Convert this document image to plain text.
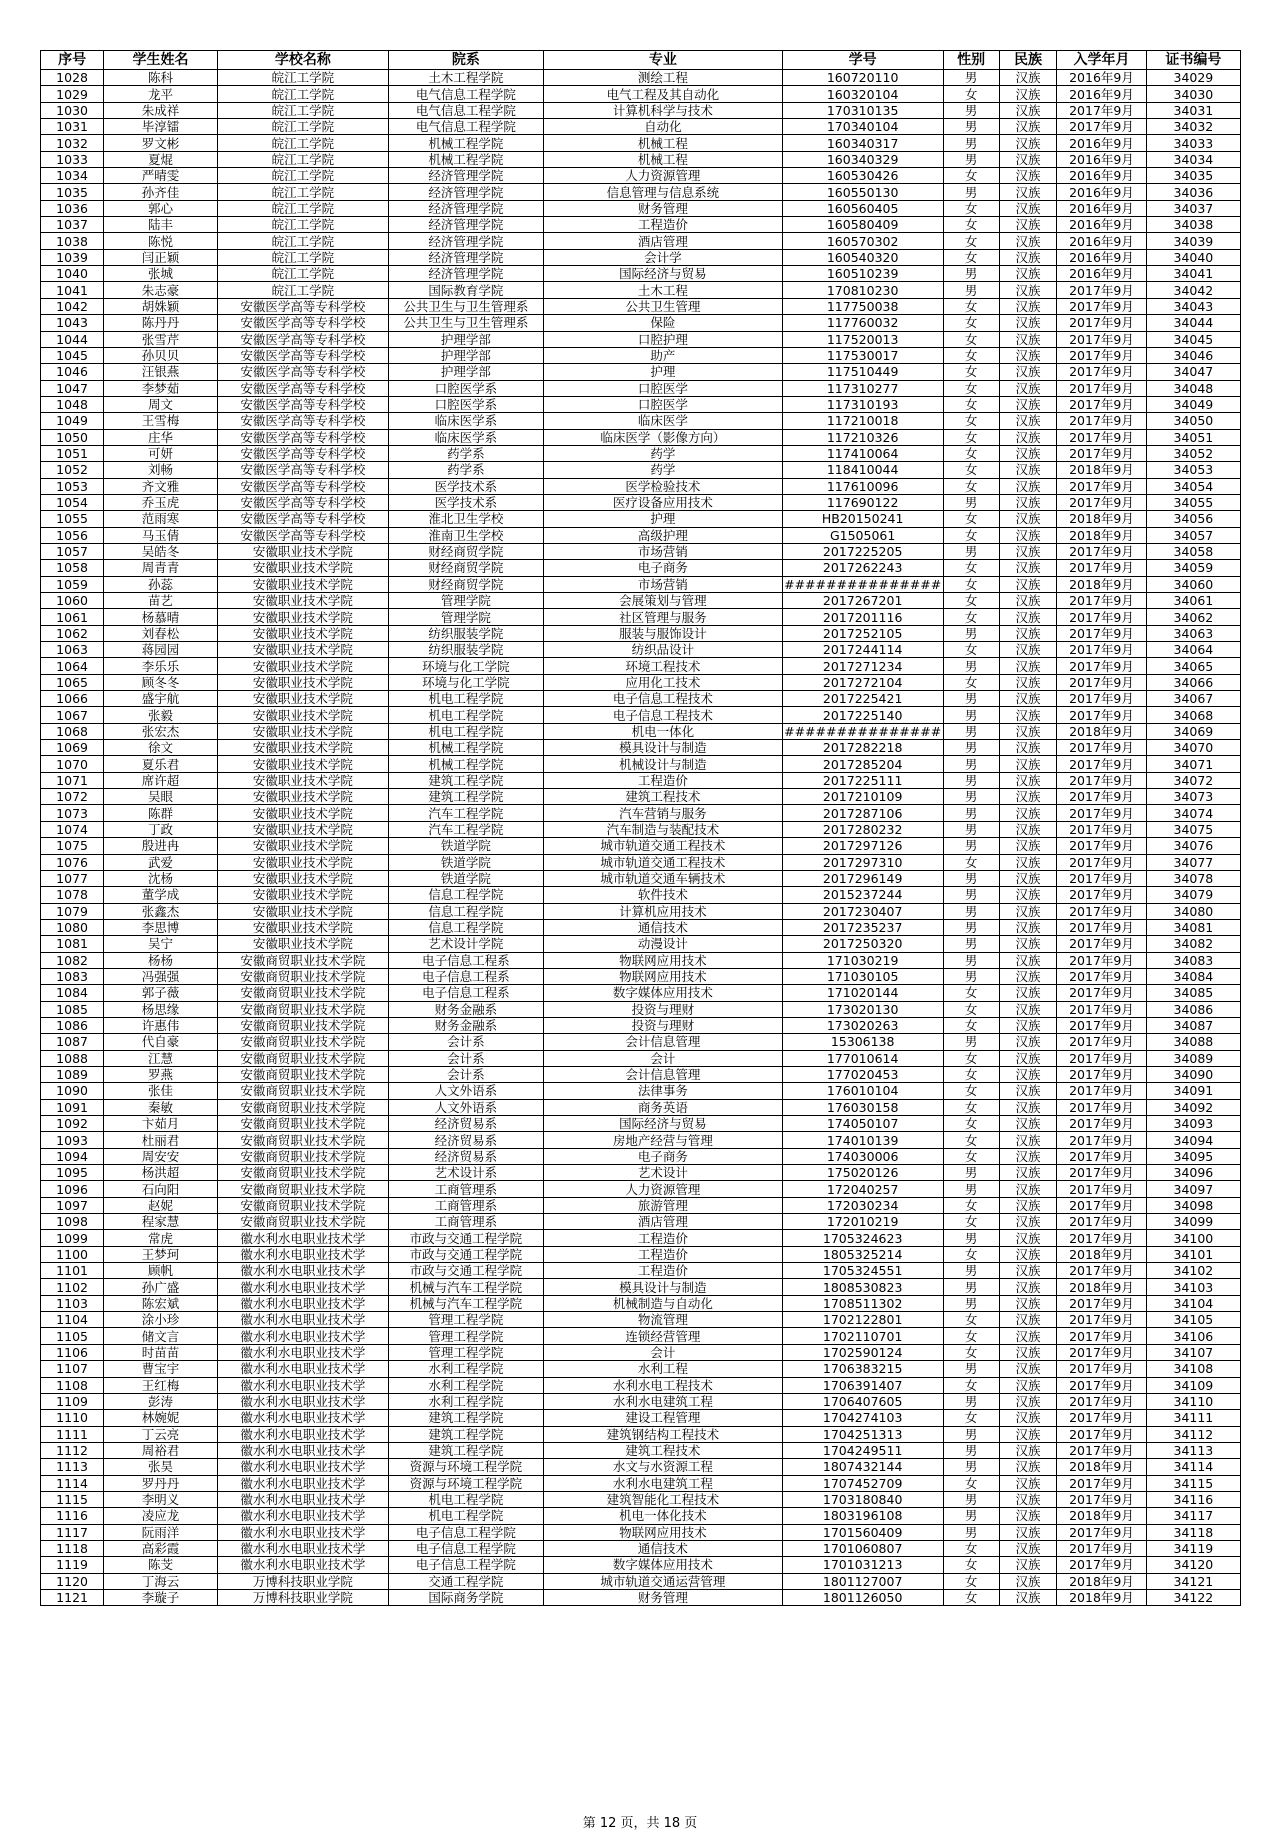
序号	学生姓名	学校名称	院系	专业	学号	性别	民族	入学年月	证书编号
1028	陈科	皖江工学院	土木工程学院	测绘工程	160720110	男	汉族	2016年9月	34029
1029	龙平	皖江工学院	电气信息工程学院	电气工程及其自动化	160320104	女	汉族	2016年9月	34030
1030	朱成祥	皖江工学院	电气信息工程学院	计算机科学与技术	170310135	男	汉族	2017年9月	34031
1031	毕淳镭	皖江工学院	电气信息工程学院	自动化	170340104	男	汉族	2017年9月	34032
1032	罗文彬	皖江工学院	机械工程学院	机械工程	160340317	男	汉族	2016年9月	34033
1033	夏焜	皖江工学院	机械工程学院	机械工程	160340329	男	汉族	2016年9月	34034
1034	严晴雯	皖江工学院	经济管理学院	人力资源管理	160530426	女	汉族	2016年9月	34035
1035	孙齐佳	皖江工学院	经济管理学院	信息管理与信息系统	160550130	男	汉族	2016年9月	34036
1036	郭心	皖江工学院	经济管理学院	财务管理	160560405	女	汉族	2016年9月	34037
1037	陆丰	皖江工学院	经济管理学院	工程造价	160580409	女	汉族	2016年9月	34038
1038	陈悦	皖江工学院	经济管理学院	酒店管理	160570302	女	汉族	2016年9月	34039
1039	闫正颖	皖江工学院	经济管理学院	会计学	160540320	女	汉族	2016年9月	34040
1040	张城	皖江工学院	经济管理学院	国际经济与贸易	160510239	男	汉族	2016年9月	34041
1041	朱志豪	皖江工学院	国际教育学院	土木工程	170810230	男	汉族	2017年9月	34042
1042	胡姝颖	安徽医学高等专科学校	公共卫生与卫生管理系	公共卫生管理	117750038	女	汉族	2017年9月	34043
1043	陈丹丹	安徽医学高等专科学校	公共卫生与卫生管理系	保险	117760032	女	汉族	2017年9月	34044
1044	张雪芹	安徽医学高等专科学校	护理学部	口腔护理	117520013	女	汉族	2017年9月	34045
1045	孙贝贝	安徽医学高等专科学校	护理学部	助产	117530017	女	汉族	2017年9月	34046
1046	汪银燕	安徽医学高等专科学校	护理学部	护理	117510449	女	汉族	2017年9月	34047
1047	李梦茹	安徽医学高等专科学校	口腔医学系	口腔医学	117310277	女	汉族	2017年9月	34048
1048	周文	安徽医学高等专科学校	口腔医学系	口腔医学	117310193	女	汉族	2017年9月	34049
1049	王雪梅	安徽医学高等专科学校	临床医学系	临床医学	117210018	女	汉族	2017年9月	34050
1050	庄华	安徽医学高等专科学校	临床医学系	临床医学（影像方向）	117210326	女	汉族	2017年9月	34051
1051	可妍	安徽医学高等专科学校	药学系	药学	117410064	女	汉族	2017年9月	34052
1052	刘畅	安徽医学高等专科学校	药学系	药学	118410044	女	汉族	2018年9月	34053
1053	齐文雅	安徽医学高等专科学校	医学技术系	医学检验技术	117610096	女	汉族	2017年9月	34054
1054	乔玉虎	安徽医学高等专科学校	医学技术系	医疗设备应用技术	117690122	男	汉族	2017年9月	34055
1055	范雨寒	安徽医学高等专科学校	淮北卫生学校	护理	HB20150241	女	汉族	2018年9月	34056
1056	马玉倩	安徽医学高等专科学校	淮南卫生学校	高级护理	G1505061	女	汉族	2018年9月	34057
1057	吴皓冬	安徽职业技术学院	财经商贸学院	市场营销	2017225205	男	汉族	2017年9月	34058
1058	周青青	安徽职业技术学院	财经商贸学院	电子商务	2017262243	女	汉族	2017年9月	34059
1059	孙蕊	安徽职业技术学院	财经商贸学院	市场营销	###############	女	汉族	2018年9月	34060
1060	苗艺	安徽职业技术学院	管理学院	会展策划与管理	2017267201	女	汉族	2017年9月	34061
1061	杨慕晴	安徽职业技术学院	管理学院	社区管理与服务	2017201116	女	汉族	2017年9月	34062
1062	刘春松	安徽职业技术学院	纺织服装学院	服装与服饰设计	2017252105	男	汉族	2017年9月	34063
1063	蒋园园	安徽职业技术学院	纺织服装学院	纺织品设计	2017244114	女	汉族	2017年9月	34064
1064	李乐乐	安徽职业技术学院	环境与化工学院	环境工程技术	2017271234	男	汉族	2017年9月	34065
1065	顾冬冬	安徽职业技术学院	环境与化工学院	应用化工技术	2017272104	女	汉族	2017年9月	34066
1066	盛宇航	安徽职业技术学院	机电工程学院	电子信息工程技术	2017225421	男	汉族	2017年9月	34067
1067	张毅	安徽职业技术学院	机电工程学院	电子信息工程技术	2017225140	男	汉族	2017年9月	34068
1068	张宏杰	安徽职业技术学院	机电工程学院	机电一体化	###############	男	汉族	2018年9月	34069
1069	徐文	安徽职业技术学院	机械工程学院	模具设计与制造	2017282218	男	汉族	2017年9月	34070
1070	夏乐君	安徽职业技术学院	机械工程学院	机械设计与制造	2017285204	男	汉族	2017年9月	34071
1071	席许超	安徽职业技术学院	建筑工程学院	工程造价	2017225111	男	汉族	2017年9月	34072
1072	吴眼	安徽职业技术学院	建筑工程学院	建筑工程技术	2017210109	男	汉族	2017年9月	34073
1073	陈群	安徽职业技术学院	汽车工程学院	汽车营销与服务	2017287106	男	汉族	2017年9月	34074
1074	丁政	安徽职业技术学院	汽车工程学院	汽车制造与装配技术	2017280232	男	汉族	2017年9月	34075
1075	殷进冉	安徽职业技术学院	铁道学院	城市轨道交通工程技术	2017297126	男	汉族	2017年9月	34076
1076	武爱	安徽职业技术学院	铁道学院	城市轨道交通工程技术	2017297310	女	汉族	2017年9月	34077
1077	沈杨	安徽职业技术学院	铁道学院	城市轨道交通车辆技术	2017296149	男	汉族	2017年9月	34078
1078	董学成	安徽职业技术学院	信息工程学院	软件技术	2015237244	男	汉族	2017年9月	34079
1079	张鑫杰	安徽职业技术学院	信息工程学院	计算机应用技术	2017230407	男	汉族	2017年9月	34080
1080	李思博	安徽职业技术学院	信息工程学院	通信技术	2017235237	男	汉族	2017年9月	34081
1081	吴宁	安徽职业技术学院	艺术设计学院	动漫设计	2017250320	男	汉族	2017年9月	34082
1082	杨杨	安徽商贸职业技术学院	电子信息工程系	物联网应用技术	171030219	男	汉族	2017年9月	34083
1083	冯强强	安徽商贸职业技术学院	电子信息工程系	物联网应用技术	171030105	男	汉族	2017年9月	34084
1084	郭子薇	安徽商贸职业技术学院	电子信息工程系	数字媒体应用技术	171020144	女	汉族	2017年9月	34085
1085	杨思缘	安徽商贸职业技术学院	财务金融系	投资与理财	173020130	女	汉族	2017年9月	34086
1086	许惠伟	安徽商贸职业技术学院	财务金融系	投资与理财	173020263	女	汉族	2017年9月	34087
1087	代自豪	安徽商贸职业技术学院	会计系	会计信息管理	15306138	男	汉族	2017年9月	34088
1088	江慧	安徽商贸职业技术学院	会计系	会计	177010614	女	汉族	2017年9月	34089
1089	罗燕	安徽商贸职业技术学院	会计系	会计信息管理	177020453	女	汉族	2017年9月	34090
1090	张佳	安徽商贸职业技术学院	人文外语系	法律事务	176010104	女	汉族	2017年9月	34091
1091	秦敏	安徽商贸职业技术学院	人文外语系	商务英语	176030158	女	汉族	2017年9月	34092
1092	卞茹月	安徽商贸职业技术学院	经济贸易系	国际经济与贸易	174050107	女	汉族	2017年9月	34093
1093	杜丽君	安徽商贸职业技术学院	经济贸易系	房地产经营与管理	174010139	女	汉族	2017年9月	34094
1094	周安安	安徽商贸职业技术学院	经济贸易系	电子商务	174030006	女	汉族	2017年9月	34095
1095	杨洪超	安徽商贸职业技术学院	艺术设计系	艺术设计	175020126	男	汉族	2017年9月	34096
1096	石向阳	安徽商贸职业技术学院	工商管理系	人力资源管理	172040257	男	汉族	2017年9月	34097
1097	赵妮	安徽商贸职业技术学院	工商管理系	旅游管理	172030234	女	汉族	2017年9月	34098
1098	程家慧	安徽商贸职业技术学院	工商管理系	酒店管理	172010219	女	汉族	2017年9月	34099
1099	常虎	徽水利水电职业技术学	市政与交通工程学院	工程造价	1705324623	男	汉族	2017年9月	34100
1100	王梦珂	徽水利水电职业技术学	市政与交通工程学院	工程造价	1805325214	女	汉族	2018年9月	34101
1101	顾帆	徽水利水电职业技术学	市政与交通工程学院	工程造价	1705324551	男	汉族	2017年9月	34102
1102	孙广盛	徽水利水电职业技术学	机械与汽车工程学院	模具设计与制造	1808530823	男	汉族	2018年9月	34103
1103	陈宏斌	徽水利水电职业技术学	机械与汽车工程学院	机械制造与自动化	1708511302	男	汉族	2017年9月	34104
1104	涂小珍	徽水利水电职业技术学	管理工程学院	物流管理	1702122801	女	汉族	2017年9月	34105
1105	储文言	徽水利水电职业技术学	管理工程学院	连锁经营管理	1702110701	女	汉族	2017年9月	34106
1106	时苗苗	徽水利水电职业技术学	管理工程学院	会计	1702590124	女	汉族	2017年9月	34107
1107	曹宝宇	徽水利水电职业技术学	水利工程学院	水利工程	1706383215	男	汉族	2017年9月	34108
1108	王红梅	徽水利水电职业技术学	水利工程学院	水利水电工程技术	1706391407	女	汉族	2017年9月	34109
1109	彭涛	徽水利水电职业技术学	水利工程学院	水利水电建筑工程	1706407605	男	汉族	2017年9月	34110
1110	林婉妮	徽水利水电职业技术学	建筑工程学院	建设工程管理	1704274103	女	汉族	2017年9月	34111
1111	丁云亮	徽水利水电职业技术学	建筑工程学院	建筑钢结构工程技术	1704251313	男	汉族	2017年9月	34112
1112	周裕君	徽水利水电职业技术学	建筑工程学院	建筑工程技术	1704249511	男	汉族	2017年9月	34113
1113	张昊	徽水利水电职业技术学	资源与环境工程学院	水文与水资源工程	1807432144	男	汉族	2018年9月	34114
1114	罗丹丹	徽水利水电职业技术学	资源与环境工程学院	水利水电建筑工程	1707452709	女	汉族	2017年9月	34115
1115	李明义	徽水利水电职业技术学	机电工程学院	建筑智能化工程技术	1703180840	男	汉族	2017年9月	34116
1116	凌应龙	徽水利水电职业技术学	机电工程学院	机电一体化技术	1803196108	男	汉族	2018年9月	34117
1117	阮雨洋	徽水利水电职业技术学	电子信息工程学院	物联网应用技术	1701560409	男	汉族	2017年9月	34118
1118	高彩霞	徽水利水电职业技术学	电子信息工程学院	通信技术	1701060807	女	汉族	2017年9月	34119
1119	陈芠	徽水利水电职业技术学	电子信息工程学院	数字媒体应用技术	1701031213	女	汉族	2017年9月	34120
1120	丁海云	万博科技职业学院	交通工程学院	城市轨道交通运营管理	1801127007	女	汉族	2018年9月	34121
1121	李璇子	万博科技职业学院	国际商务学院	财务管理	1801126050	女	汉族	2018年9月	34122
第 12 页，共 18 页
